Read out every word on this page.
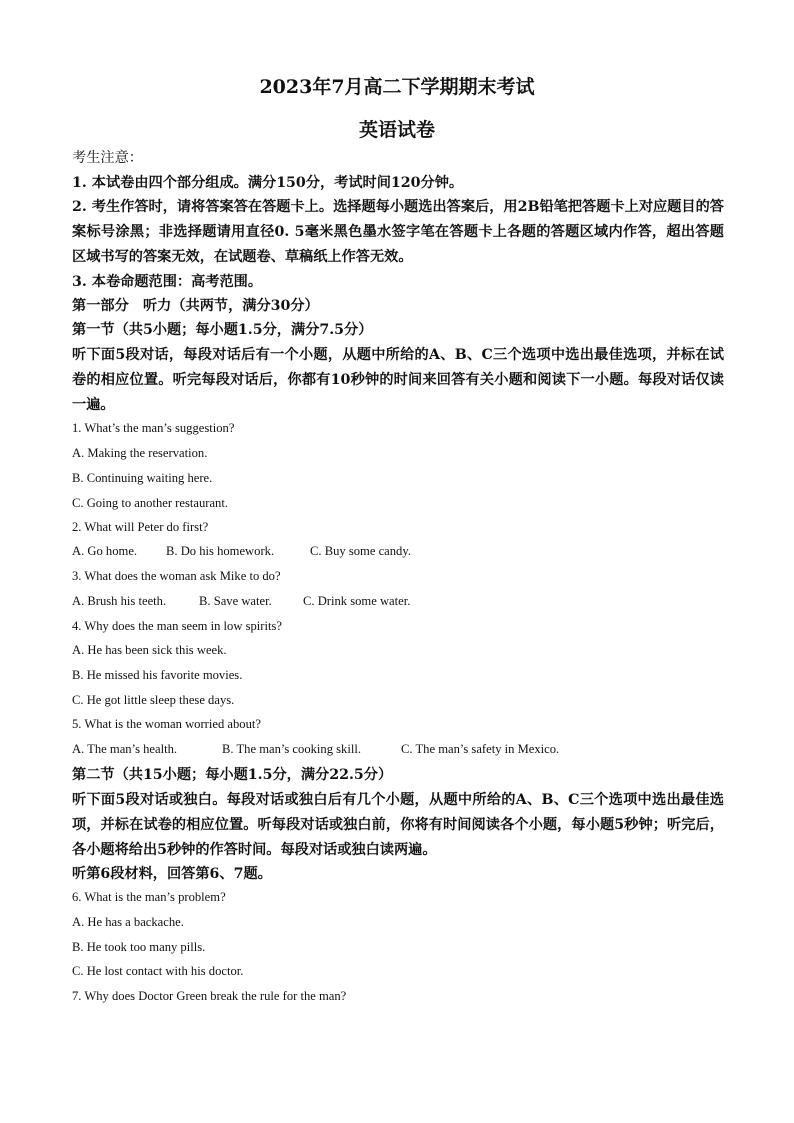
2023年7月高二下学期期末考试
英语试卷
考生注意：
1. 本试卷由四个部分组成。满分150分，考试时间120分钟。
2. 考生作答时，请将答案答在答题卡上。选择题每小题选出答案后，用2B铅笔把答题卡上对应题目的答案标号涂黑；非选择题请用直径0. 5毫米黑色墨水签字笔在答题卡上各题的答题区域内作答，超出答题区域书写的答案无效，在试题卷、草稿纸上作答无效。
3. 本卷命题范围：高考范围。
第一部分　听力（共两节，满分30分）
第一节（共5小题；每小题1.5分，满分7.5分）
听下面5段对话，每段对话后有一个小题，从题中所给的A、B、C三个选项中选出最佳选项，并标在试卷的相应位置。听完每段对话后，你都有10秒钟的时间来回答有关小题和阅读下一小题。每段对话仅读一遍。
1. What’s the man’s suggestion?
A. Making the reservation.
B. Continuing waiting here.
C. Going to another restaurant.
2. What will Peter do first?
A. Go home. B. Do his homework.	C. Buy some candy.
3. What does the woman ask Mike to do?
A. Brush his teeth.	B. Save water. C. Drink some water.
4. Why does the man seem in low spirits?
A. He has been sick this week.
B. He missed his favorite movies.
C. He got little sleep these days.
5. What is the woman worried about?
A. The man’s health.	B. The man’s cooking skill.	C. The man’s safety in Mexico.
第二节（共15小题；每小题1.5分，满分22.5分）
听下面5段对话或独白。每段对话或独白后有几个小题，从题中所给的A、B、C三个选项中选出最佳选项，并标在试卷的相应位置。听每段对话或独白前，你将有时间阅读各个小题，每小题5秒钟；听完后，各小题将给出5秒钟的作答时间。每段对话或独白读两遍。
听第6段材料，回答第6、7题。
6. What is the man’s problem?
A. He has a backache.
B. He took too many pills.
C. He lost contact with his doctor.
7. Why does Doctor Green break the rule for the man?
